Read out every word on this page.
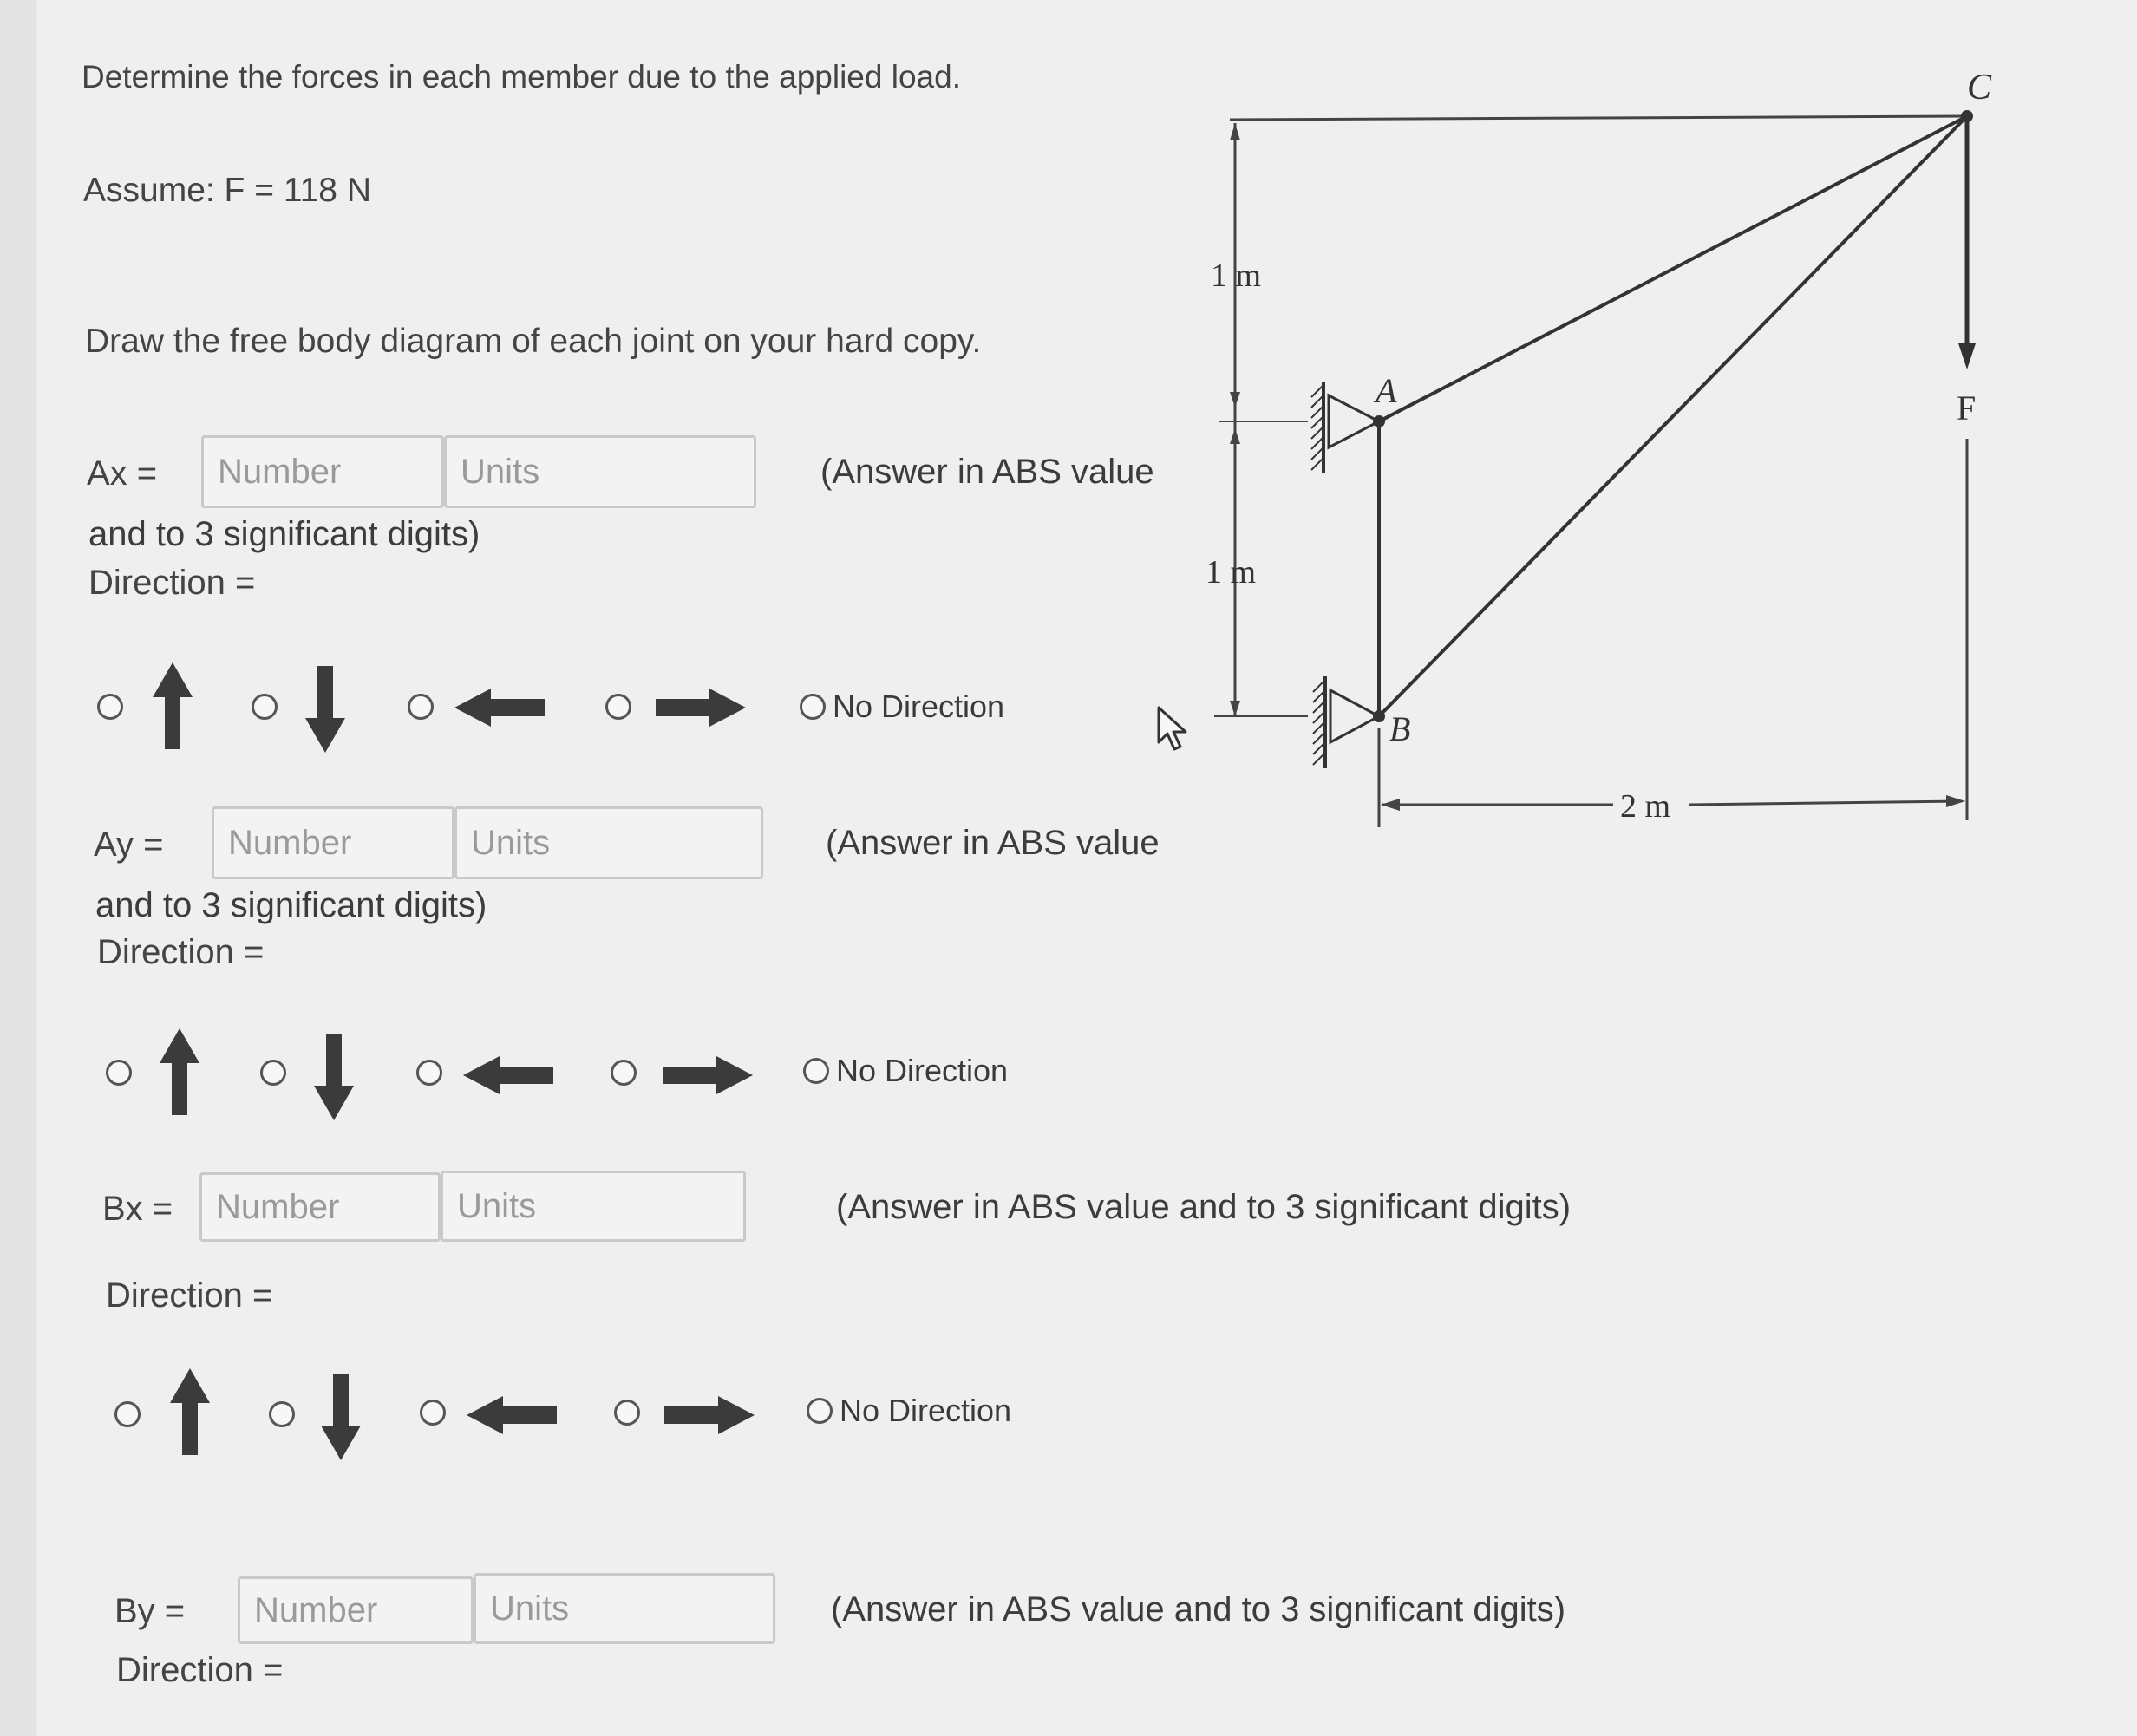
Determine the forces in each member due to the applied load.
Assume: F = 118 N
Draw the free body diagram of each joint on your hard copy.
Ax =	Number	Units	(Answer in ABS value
and to 3 significant digits)
Direction =
No Direction
Ay =	Number	Units	(Answer in ABS value
and to 3 significant digits)
Direction =
No Direction
Bx =	Number	Units	(Answer in ABS value and to 3 significant digits)
Direction =
No Direction
By =	Number	Units	(Answer in ABS value and to 3 significant digits)
Direction =
1 m
1 m
F
C
A
B
2 m
